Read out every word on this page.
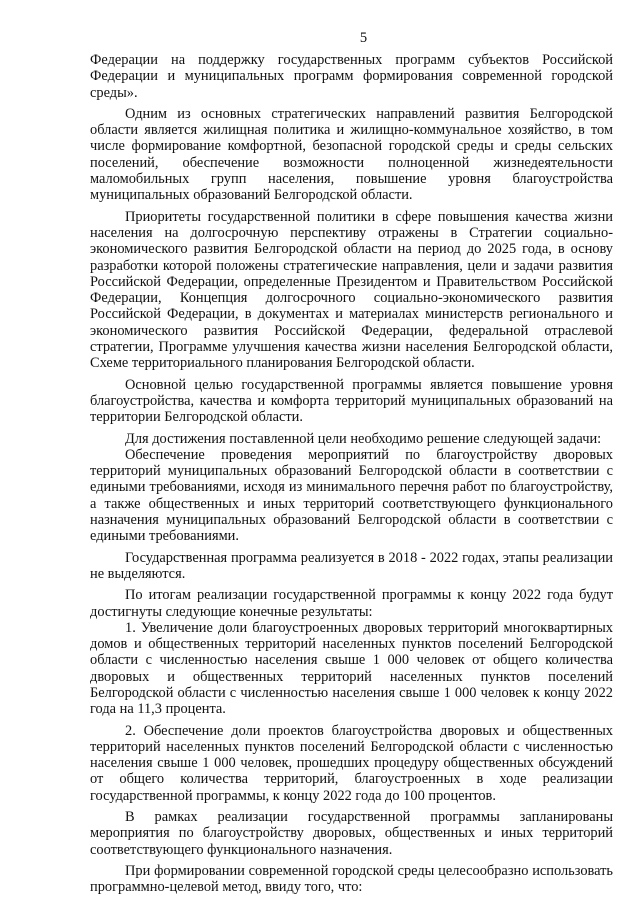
5

Федерации на поддержку государственных программ субъектов Российской Федерации и муниципальных программ формирования современной городской среды».

Одним из основных стратегических направлений развития Белгородской области является жилищная политика и жилищно-коммунальное хозяйство, в том числе формирование комфортной, безопасной городской среды и среды сельских поселений, обеспечение возможности полноценной жизнедеятельности маломобильных групп населения, повышение уровня благоустройства муниципальных образований Белгородской области.

Приоритеты государственной политики в сфере повышения качества жизни населения на долгосрочную перспективу отражены в Стратегии социально-экономического развития Белгородской области на период до 2025 года, в основу разработки которой положены стратегические направления, цели и задачи развития Российской Федерации, определенные Президентом и Правительством Российской Федерации, Концепция долгосрочного социально-экономического развития Российской Федерации, в документах и материалах министерств регионального и экономического развития Российской Федерации, федеральной отраслевой стратегии, Программе улучшения качества жизни населения Белгородской области, Схеме территориального планирования Белгородской области.

Основной целью государственной программы является повышение уровня благоустройства, качества и комфорта территорий муниципальных образований на территории Белгородской области.

Для достижения поставленной цели необходимо решение следующей задачи:

Обеспечение проведения мероприятий по благоустройству дворовых территорий муниципальных образований Белгородской области в соответствии с едиными требованиями, исходя из минимального перечня работ по благоустройству, а также общественных и иных территорий соответствующего функционального назначения муниципальных образований Белгородской области в соответствии с едиными требованиями.

Государственная программа реализуется в 2018 - 2022 годах, этапы реализации не выделяются.

По итогам реализации государственной программы к концу 2022 года будут достигнуты следующие конечные результаты:

1. Увеличение доли благоустроенных дворовых территорий многоквартирных домов и общественных территорий населенных пунктов поселений Белгородской области с численностью населения свыше 1 000 человек от общего количества дворовых и общественных территорий населенных пунктов поселений Белгородской области с численностью населения свыше 1 000 человек к концу 2022 года на 11,3 процента.

2. Обеспечение доли проектов благоустройства дворовых и общественных территорий населенных пунктов поселений Белгородской области с численностью населения свыше 1 000 человек, прошедших процедуру общественных обсуждений от общего количества территорий, благоустроенных в ходе реализации государственной программы, к концу 2022 года до 100 процентов.

В рамках реализации государственной программы запланированы мероприятия по благоустройству дворовых, общественных и иных территорий соответствующего функционального назначения.

При формировании современной городской среды целесообразно использовать программно-целевой метод, ввиду того, что:
